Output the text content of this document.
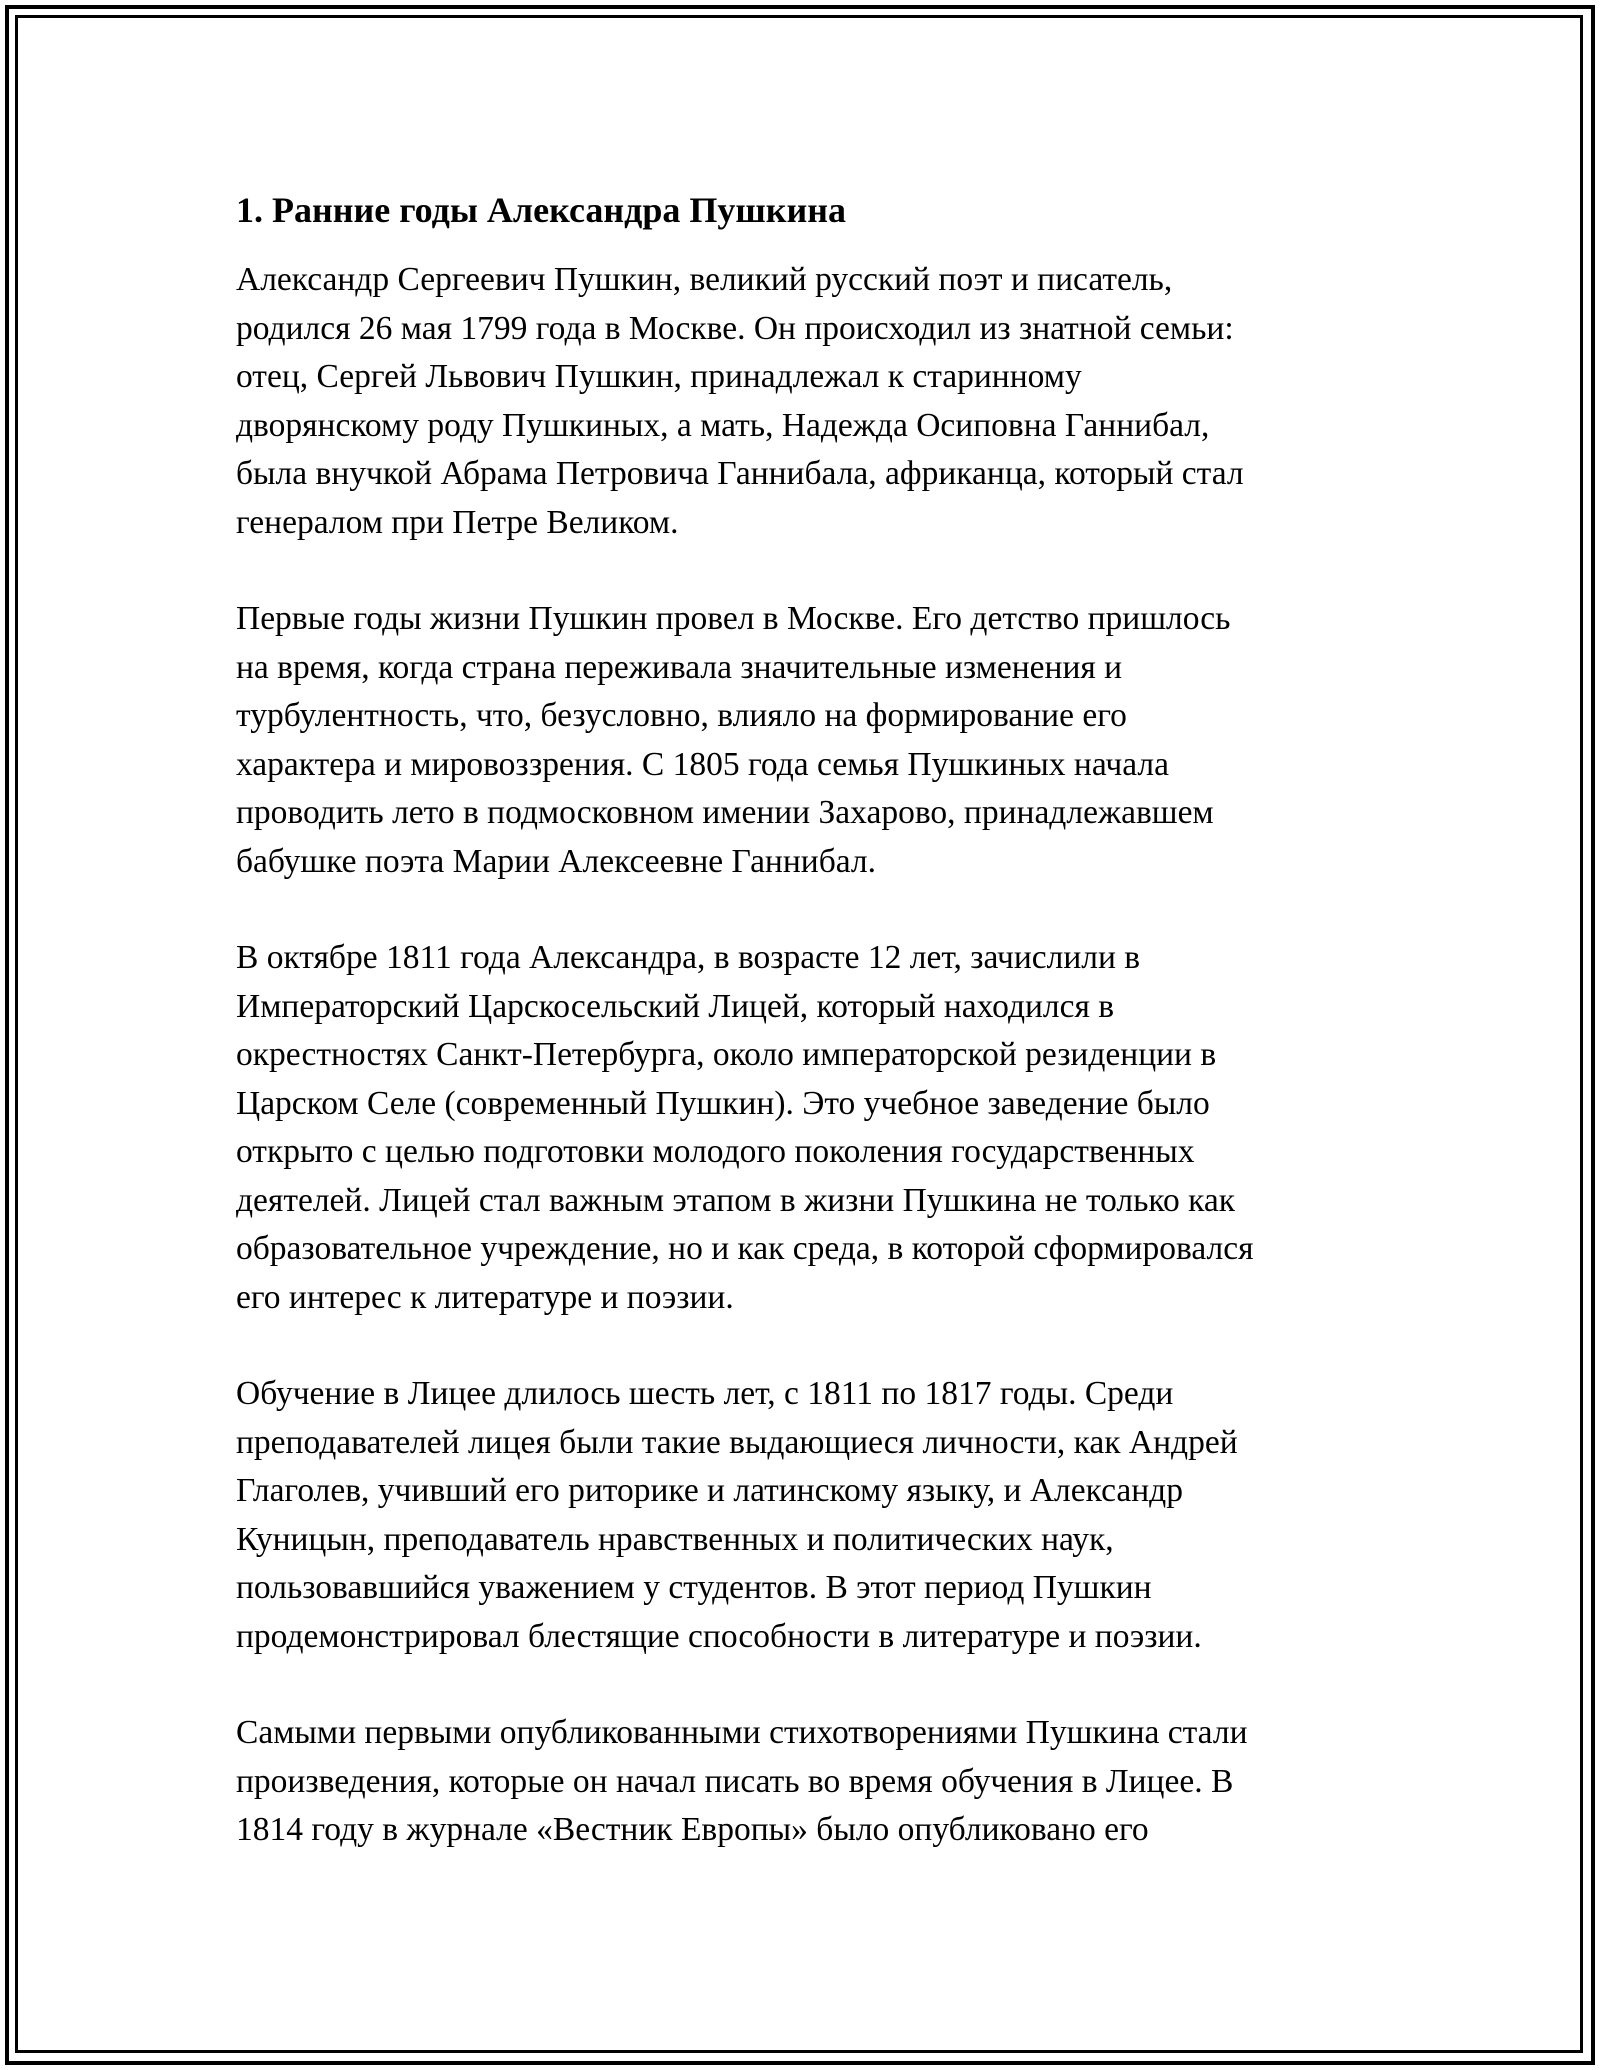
1. Ранние годы Александра Пушкина
Александр Сергеевич Пушкин, великий русский поэт и писатель,
родился 26 мая 1799 года в Москве. Он происходил из знатной семьи:
отец, Сергей Львович Пушкин, принадлежал к старинному
дворянскому роду Пушкиных, а мать, Надежда Осиповна Ганнибал,
была внучкой Абрама Петровича Ганнибала, африканца, который стал
генералом при Петре Великом.
Первые годы жизни Пушкин провел в Москве. Его детство пришлось
на время, когда страна переживала значительные изменения и
турбулентность, что, безусловно, влияло на формирование его
характера и мировоззрения. С 1805 года семья Пушкиных начала
проводить лето в подмосковном имении Захарово, принадлежавшем
бабушке поэта Марии Алексеевне Ганнибал.
В октябре 1811 года Александра, в возрасте 12 лет, зачислили в
Императорский Царскосельский Лицей, который находился в
окрестностях Санкт-Петербурга, около императорской резиденции в
Царском Селе (современный Пушкин). Это учебное заведение было
открыто с целью подготовки молодого поколения государственных
деятелей. Лицей стал важным этапом в жизни Пушкина не только как
образовательное учреждение, но и как среда, в которой сформировался
его интерес к литературе и поэзии.
Обучение в Лицее длилось шесть лет, с 1811 по 1817 годы. Среди
преподавателей лицея были такие выдающиеся личности, как Андрей
Глаголев, учивший его риторике и латинскому языку, и Александр
Куницын, преподаватель нравственных и политических наук,
пользовавшийся уважением у студентов. В этот период Пушкин
продемонстрировал блестящие способности в литературе и поэзии.
Самыми первыми опубликованными стихотворениями Пушкина стали
произведения, которые он начал писать во время обучения в Лицее. В
1814 году в журнале «Вестник Европы» было опубликовано его
